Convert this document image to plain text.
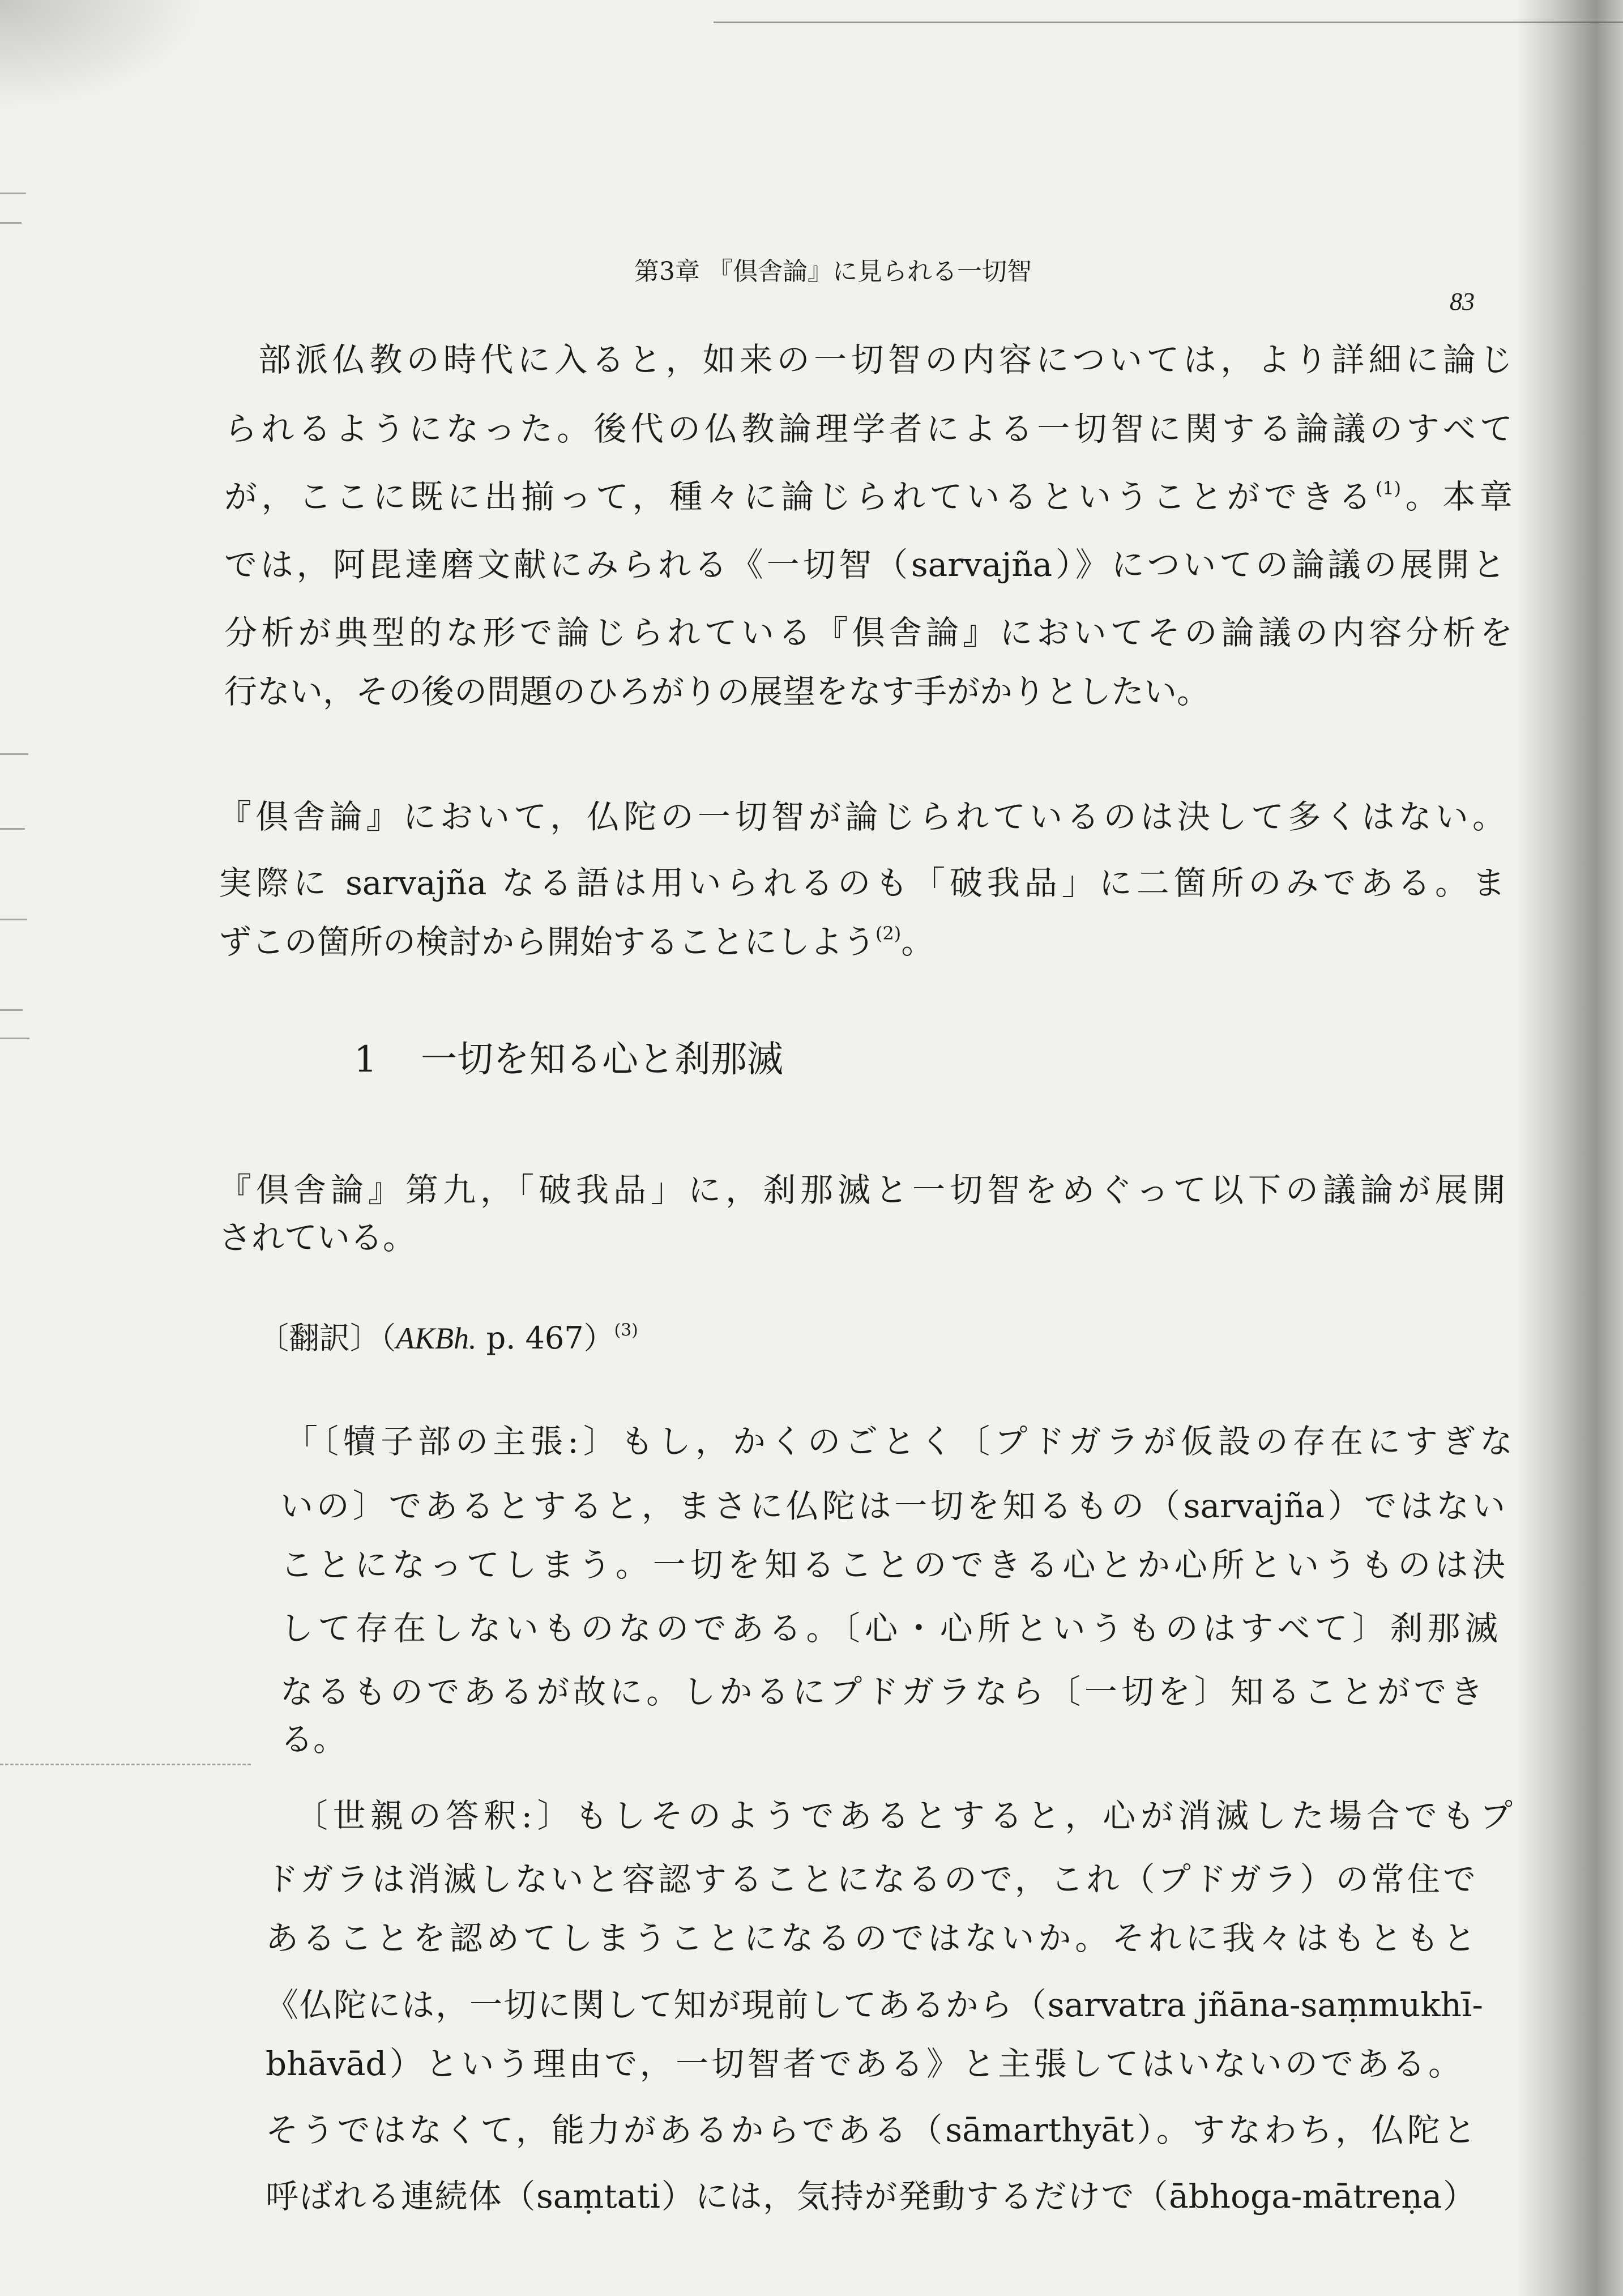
第3章 『倶舎論』に見られる一切智
83
部派仏教の時代に入ると，如来の一切智の内容については，より詳細に論じ
られるようになった。後代の仏教論理学者による一切智に関する論議のすべて
が，ここに既に出揃って，種々に論じられているということができる$^{(1)}$。本章
では，阿毘達磨文献にみられる《一切智（sarvajña）》についての論議の展開と
分析が典型的な形で論じられている『倶舎論』においてその論議の内容分析を
行ない，その後の問題のひろがりの展望をなす手がかりとしたい。
『倶舎論』において，仏陀の一切智が論じられているのは決して多くはない。
実際に sarvajña なる語は用いられるのも「破我品」に二箇所のみである。ま
ずこの箇所の検討から開始することにしよう$^{(2)}$。
1 一切を知る心と刹那滅
『倶舎論』第九，「破我品」に，刹那滅と一切智をめぐって以下の議論が展開
されている。
〔翻訳〕（AKBh. p. 467）$^{(3)}$
「〔犢子部の主張:〕もし，かくのごとく〔プドガラが仮設の存在にすぎな
いの〕であるとすると，まさに仏陀は一切を知るもの（sarvajña）ではない
ことになってしまう。一切を知ることのできる心とか心所というものは決
して存在しないものなのである。〔心・心所というものはすべて〕刹那滅
なるものであるが故に。しかるにプドガラなら〔一切を〕知ることができ
る。
〔世親の答釈:〕もしそのようであるとすると，心が消滅した場合でもプ
ドガラは消滅しないと容認することになるので，これ（プドガラ）の常住で
あることを認めてしまうことになるのではないか。それに我々はもともと
《仏陀には，一切に関して知が現前してあるから（sarvatra jñāna-saṃmukhī-
bhāvād）という理由で，一切智者である》と主張してはいないのである。
そうではなくて，能力があるからである（sāmarthyāt）。すなわち，仏陀と
呼ばれる連続体（saṃtati）には，気持が発動するだけで（ābhoga-mātreṇa）
